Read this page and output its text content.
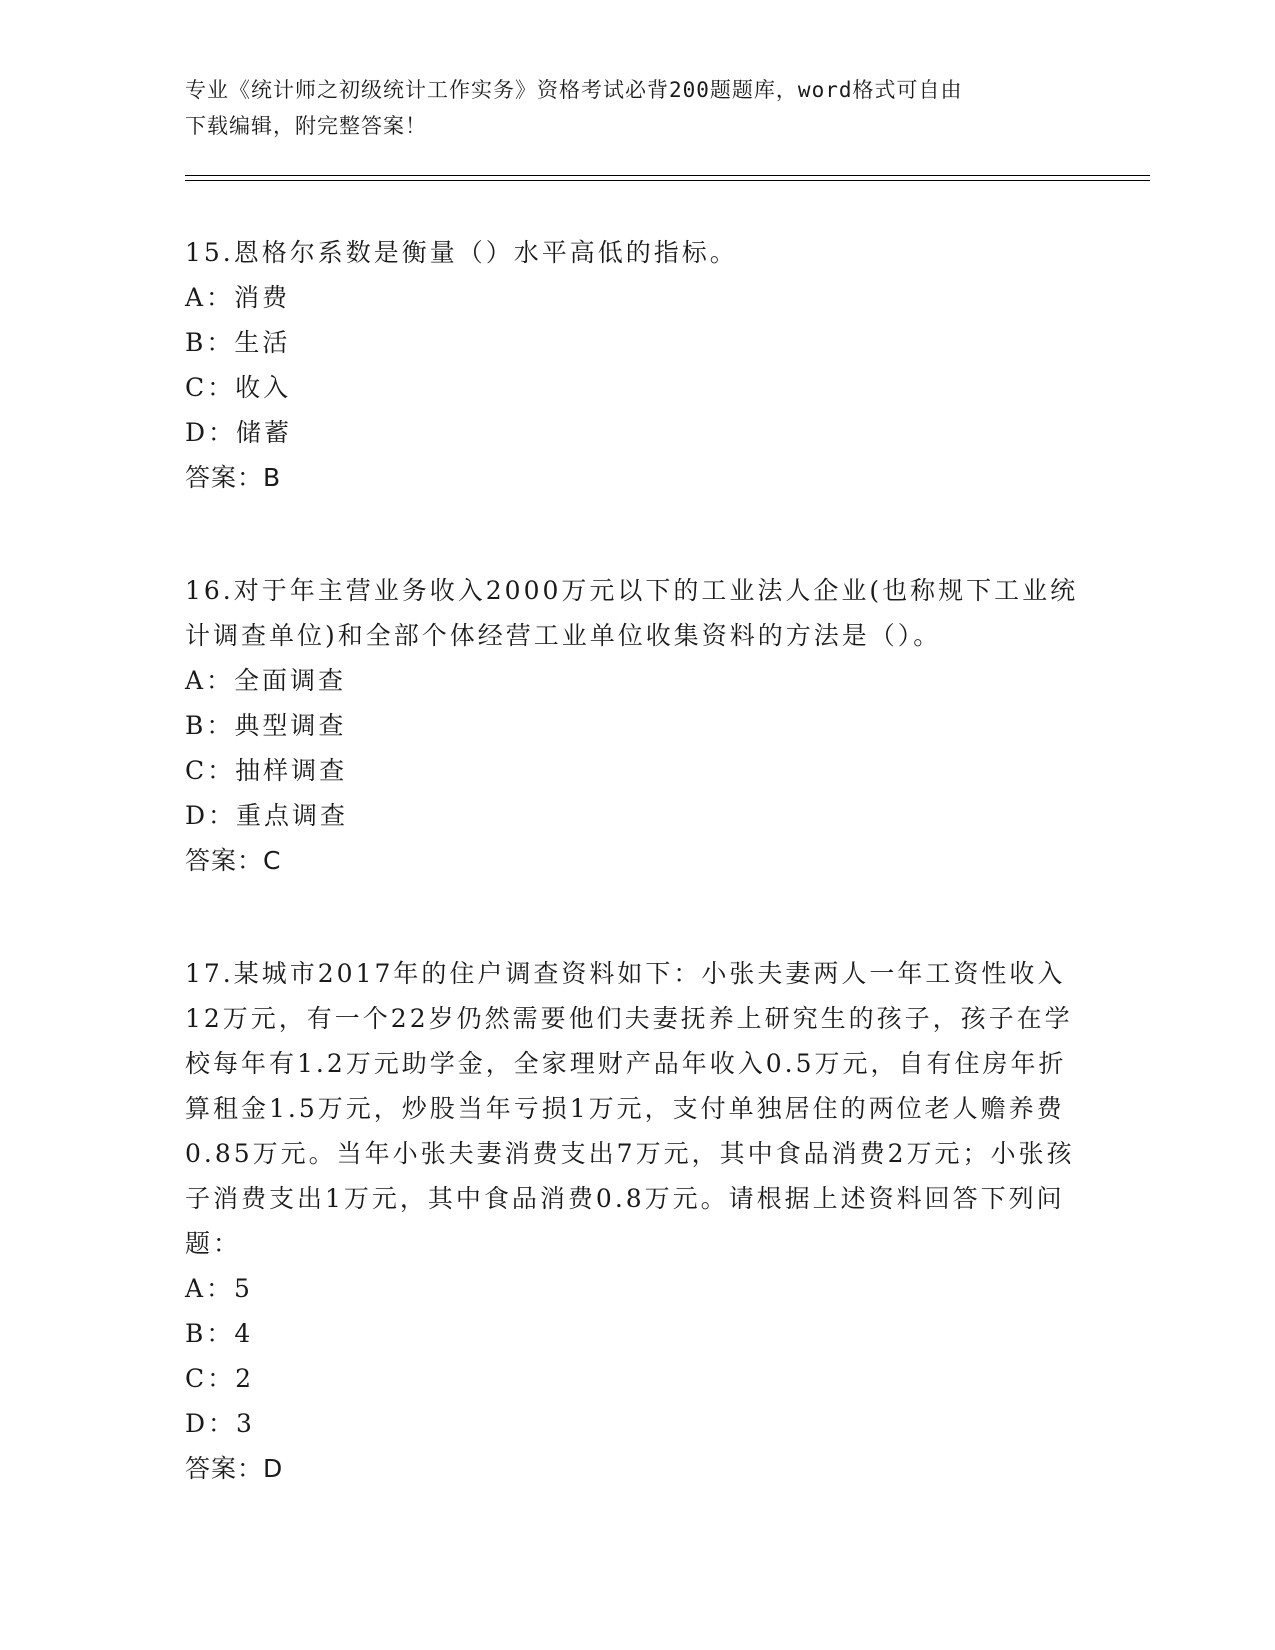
专业《统计师之初级统计工作实务》资格考试必背200题题库，word格式可自由
下载编辑，附完整答案！

15.恩格尔系数是衡量（）水平高低的指标。

A：消费

B：生活

C：收入

D：储蓄

答案：B

16.对于年主营业务收入2000万元以下的工业法人企业(也称规下工业统计调查单位)和全部个体经营工业单位收集资料的方法是（）。

A：全面调查

B：典型调查

C：抽样调查

D：重点调查

答案：C

17.某城市2017年的住户调查资料如下：小张夫妻两人一年工资性收入12万元，有一个22岁仍然需要他们夫妻抚养上研究生的孩子，孩子在学校每年有1.2万元助学金，全家理财产品年收入0.5万元，自有住房年折算租金1.5万元，炒股当年亏损1万元，支付单独居住的两位老人赡养费0.85万元。当年小张夫妻消费支出7万元，其中食品消费2万元；小张孩子消费支出1万元，其中食品消费0.8万元。请根据上述资料回答下列问题：

A：5

B：4

C：2

D：3

答案：D
